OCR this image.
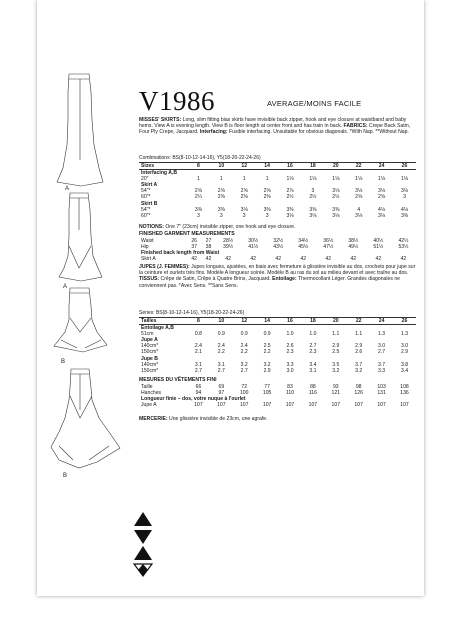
A
A
B
B
V1986	AVERAGE/MOINS FACILE
MISSES' SKIRTS: Long, slim fitting bias skirts have invisible back zipper, hook and eye closure at waistband and baby hems. View A is evening length. View B is floor length at center front and has train in back. FABRICS: Crepe Back Satin, Four Ply Crepe, Jacquard. Interfacing: Fusible interfacing. Unsuitable for obvious diagonals. *With Nap. **Without Nap.
Combinations: BS(8-10-12-14-16), Y5(18-20-22-24-26)
Sizes	8	10	12	14	16	18	20	22	24	26
Interfacing A,B										
20"	1	1	1	1	1⅛	1⅛	1⅛	1⅛	1⅛	1⅛
Skirt A										
54"*	2⅝	2⅝	2⅝	2⅝	2⅞	3	3⅛	3⅛	3⅛	3⅛
60"*	2¼	2⅜	2⅜	2⅜	2½	2½	2½	2⅝	2⅝	3
Skirt B										
54"*	3⅜	3⅜	3⅛	3⅜	3⅜	3⅜	3⅜	4	4⅛	4⅛
60"*	3	3	3	3	3⅛	3⅛	3⅛	3⅛	3⅛	3⅜
NOTIONS: One 7" (23cm) invisible zipper, one hook and eye closure.
FINISHED GARMENT MEASUREMENTS
Waist	26	27	28½	30½	32½	34½	36½	38½	40½	42½
Hip	37	38	39½	41½	43½	45½	47½	49½	51½	53½
Finished back length from Waist										
Skirt A	42	42	42	42	42	42	42	42	42	42
JUPES (J. FEMMES): Jupes longues, ajustées, en biais avec fermeture à glissière invisible au dos, crochets pour jupe sur la ceinture et ourlets très fins. Modèle A longueur soirée. Modèle B au ras du sol au milieu devant et avec traîne au dos. TISSUS: Crêpe de Satin, Crêpe à Quatre Brins, Jacquard. Entoilage: Thermocollant Léger. Grandes diagonales ne conviennent pas. *Avec Sens. **Sans Sens.
Séries: BS(8-10-12-14-16), Y5(18-20-22-24-26)
Tailles	8	10	12	14	16	18	20	22	24	26
Entoilage A,B										
51cm	0.8	0.9	0.9	0.9	1.0	1.0	1.1	1.1	1.3	1.3
Jupe A										
140cm*	2.4	2.4	2.4	2.5	2.6	2.7	2.9	2.9	3.0	3.0
150cm*	2.1	2.2	2.2	2.2	2.3	2.3	2.5	2.6	2.7	2.9
Jupe B										
140cm*	3.1	3.1	3.2	3.2	3.3	3.4	3.5	3.7	3.7	3.8
150cm*	2.7	2.7	2.7	2.9	3.0	3.1	3.2	3.2	3.3	3.4
MESURES DU VÊTEMENTS FINI
Taille	66	69	72	77	83	88	93	98	103	108
Hanches	94	97	100	105	110	116	121	126	131	136
Longueur finie – dos, votre nuque à l'ourlet										
Jupe A	107	107	107	107	107	107	107	107	107	107
MERCERIE: Une glissière invisible de 23cm, une agrafe.
